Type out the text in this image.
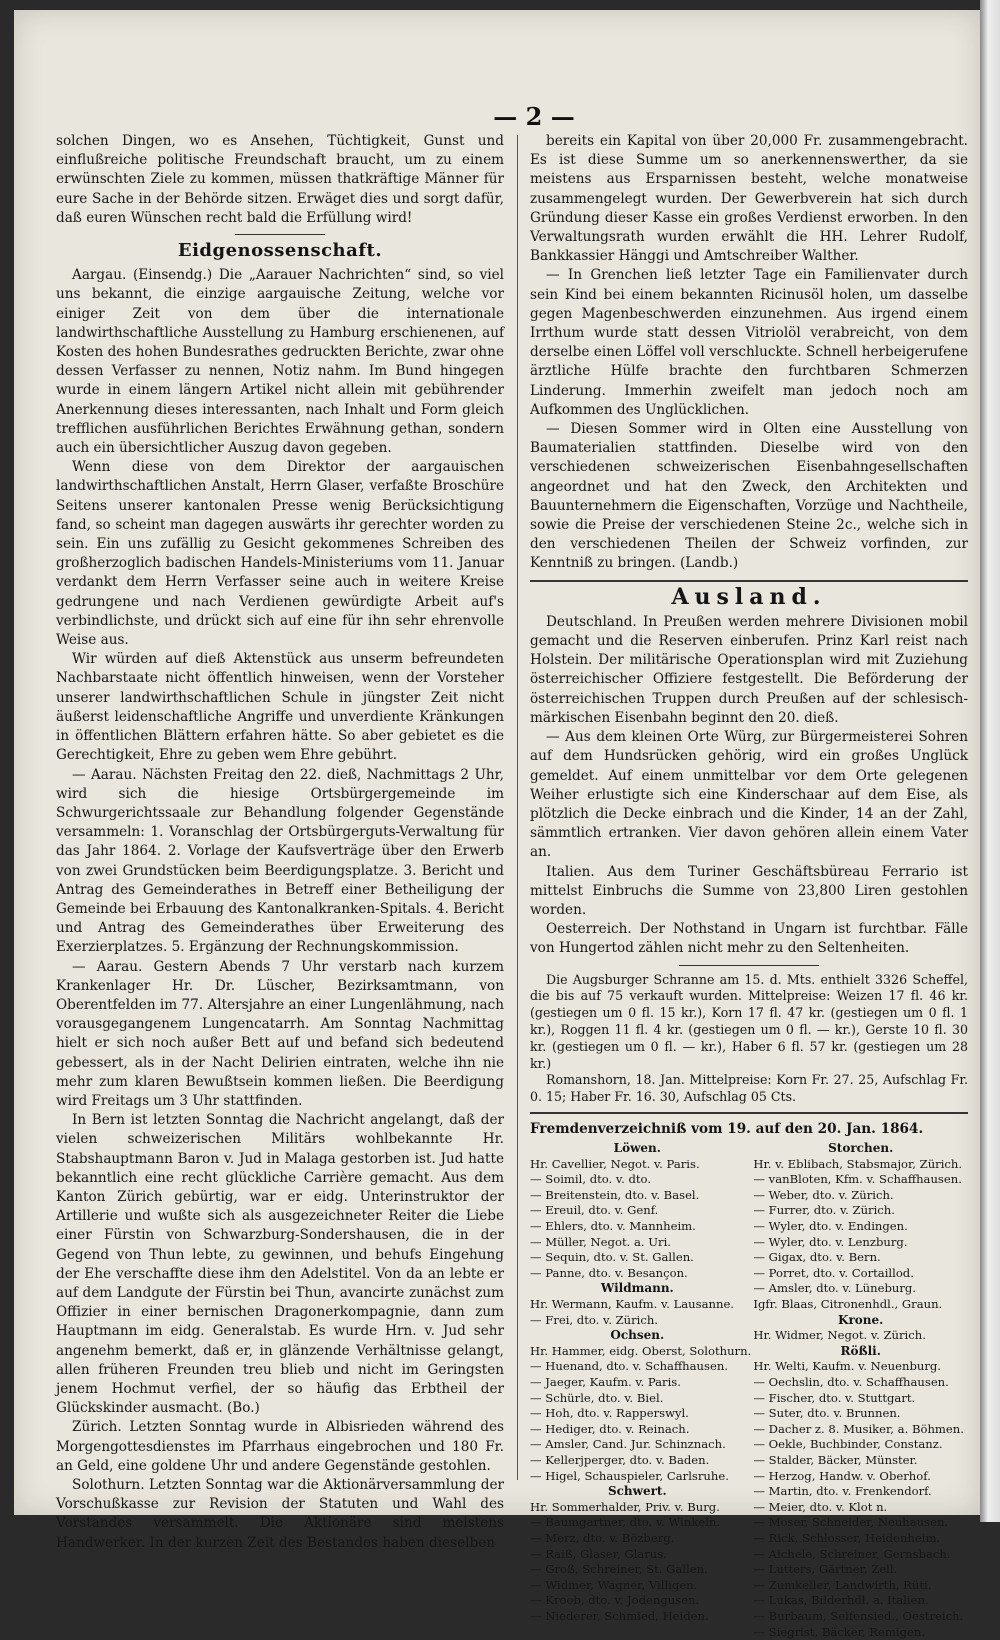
— 2 —

solchen Dingen, wo es Ansehen, Tüchtigkeit, Gunst und einflußreiche politische Freundschaft braucht, um zu einem erwünschten Ziele zu kommen, müssen thatkräftige Männer für eure Sache in der Behörde sitzen. Erwäget dies und sorgt dafür, daß euren Wünschen recht bald die Erfüllung wird!

Eidgenossenschaft.

Aargau. (Einsendg.) Die „Aarauer Nachrichten“ sind, so viel uns bekannt, die einzige aargauische Zeitung, welche vor einiger Zeit von dem über die internationale landwirthschaftliche Ausstellung zu Hamburg erschienenen, auf Kosten des hohen Bundesrathes gedruckten Berichte, zwar ohne dessen Verfasser zu nennen, Notiz nahm. Im Bund hingegen wurde in einem längern Artikel nicht allein mit gebührender Anerkennung dieses interessanten, nach Inhalt und Form gleich trefflichen ausführlichen Berichtes Erwähnung gethan, sondern auch ein übersichtlicher Auszug davon gegeben.

Wenn diese von dem Direktor der aargauischen landwirthschaftlichen Anstalt, Herrn Glaser, verfaßte Broschüre Seitens unserer kantonalen Presse wenig Berücksichtigung fand, so scheint man dagegen auswärts ihr gerechter worden zu sein. Ein uns zufällig zu Gesicht gekommenes Schreiben des großherzoglich badischen Handels-Ministeriums vom 11. Januar verdankt dem Herrn Verfasser seine auch in weitere Kreise gedrungene und nach Verdienen gewürdigte Arbeit auf's verbindlichste, und drückt sich auf eine für ihn sehr ehrenvolle Weise aus.

Wir würden auf dieß Aktenstück aus unserm befreundeten Nachbarstaate nicht öffentlich hinweisen, wenn der Vorsteher unserer landwirthschaftlichen Schule in jüngster Zeit nicht äußerst leidenschaftliche Angriffe und unverdiente Kränkungen in öffentlichen Blättern erfahren hätte. So aber gebietet es die Gerechtigkeit, Ehre zu geben wem Ehre gebührt.

— Aarau. Nächsten Freitag den 22. dieß, Nachmittags 2 Uhr, wird sich die hiesige Ortsbürgergemeinde im Schwurgerichtssaale zur Behandlung folgender Gegenstände versammeln: 1. Voranschlag der Ortsbürgerguts-Verwaltung für das Jahr 1864. 2. Vorlage der Kaufsverträge über den Erwerb von zwei Grundstücken beim Beerdigungsplatze. 3. Bericht und Antrag des Gemeinderathes in Betreff einer Betheiligung der Gemeinde bei Erbauung des Kantonalkranken-Spitals. 4. Bericht und Antrag des Gemeinderathes über Erweiterung des Exerzierplatzes. 5. Ergänzung der Rechnungskommission.

— Aarau. Gestern Abends 7 Uhr verstarb nach kurzem Krankenlager Hr. Dr. Lüscher, Bezirksamtmann, von Oberentfelden im 77. Altersjahre an einer Lungenlähmung, nach vorausgegangenem Lungencatarrh. Am Sonntag Nachmittag hielt er sich noch außer Bett auf und befand sich bedeutend gebessert, als in der Nacht Delirien eintraten, welche ihn nie mehr zum klaren Bewußtsein kommen ließen. Die Beerdigung wird Freitags um 3 Uhr stattfinden.

In Bern ist letzten Sonntag die Nachricht angelangt, daß der vielen schweizerischen Militärs wohlbekannte Hr. Stabshauptmann Baron v. Jud in Malaga gestorben ist. Jud hatte bekanntlich eine recht glückliche Carrière gemacht. Aus dem Kanton Zürich gebürtig, war er eidg. Unterinstruktor der Artillerie und wußte sich als ausgezeichneter Reiter die Liebe einer Fürstin von Schwarzburg-Sondershausen, die in der Gegend von Thun lebte, zu gewinnen, und behufs Eingehung der Ehe verschaffte diese ihm den Adelstitel. Von da an lebte er auf dem Landgute der Fürstin bei Thun, avancirte zunächst zum Offizier in einer bernischen Dragonerkompagnie, dann zum Hauptmann im eidg. Generalstab. Es wurde Hrn. v. Jud sehr angenehm bemerkt, daß er, in glänzende Verhältnisse gelangt, allen früheren Freunden treu blieb und nicht im Geringsten jenem Hochmut verfiel, der so häufig das Erbtheil der Glückskinder ausmacht. (Bo.)

Zürich. Letzten Sonntag wurde in Albisrieden während des Morgengottesdienstes im Pfarrhaus eingebrochen und 180 Fr. an Geld, eine goldene Uhr und andere Gegenstände gestohlen.

Solothurn. Letzten Sonntag war die Aktionärversammlung der Vorschußkasse zur Revision der Statuten und Wahl des Vorstandes versammelt. Die Aktionäre sind meistens Handwerker. In der kurzen Zeit des Bestandes haben dieselben

bereits ein Kapital von über 20,000 Fr. zusammengebracht. Es ist diese Summe um so anerkennenswerther, da sie meistens aus Ersparnissen besteht, welche monatweise zusammengelegt wurden. Der Gewerbverein hat sich durch Gründung dieser Kasse ein großes Verdienst erworben. In den Verwaltungsrath wurden erwählt die HH. Lehrer Rudolf, Bankkassier Hänggi und Amtschreiber Walther.

— In Grenchen ließ letzter Tage ein Familienvater durch sein Kind bei einem bekannten Ricinusöl holen, um dasselbe gegen Magenbeschwerden einzunehmen. Aus irgend einem Irrthum wurde statt dessen Vitriolöl verabreicht, von dem derselbe einen Löffel voll verschluckte. Schnell herbeigerufene ärztliche Hülfe brachte den furchtbaren Schmerzen Linderung. Immerhin zweifelt man jedoch noch am Aufkommen des Unglücklichen.

— Diesen Sommer wird in Olten eine Ausstellung von Baumaterialien stattfinden. Dieselbe wird von den verschiedenen schweizerischen Eisenbahngesellschaften angeordnet und hat den Zweck, den Architekten und Bauunternehmern die Eigenschaften, Vorzüge und Nachtheile, sowie die Preise der verschiedenen Steine 2c., welche sich in den verschiedenen Theilen der Schweiz vorfinden, zur Kenntniß zu bringen. (Landb.)

Ausland.

Deutschland. In Preußen werden mehrere Divisionen mobil gemacht und die Reserven einberufen. Prinz Karl reist nach Holstein. Der militärische Operationsplan wird mit Zuziehung österreichischer Offiziere festgestellt. Die Beförderung der österreichischen Truppen durch Preußen auf der schlesisch-märkischen Eisenbahn beginnt den 20. dieß.

— Aus dem kleinen Orte Würg, zur Bürgermeisterei Sohren auf dem Hundsrücken gehörig, wird ein großes Unglück gemeldet. Auf einem unmittelbar vor dem Orte gelegenen Weiher erlustigte sich eine Kinderschaar auf dem Eise, als plötzlich die Decke einbrach und die Kinder, 14 an der Zahl, sämmtlich ertranken. Vier davon gehören allein einem Vater an.

Italien. Aus dem Turiner Geschäftsbüreau Ferrario ist mittelst Einbruchs die Summe von 23,800 Liren gestohlen worden.

Oesterreich. Der Nothstand in Ungarn ist furchtbar. Fälle von Hungertod zählen nicht mehr zu den Seltenheiten.

Die Augsburger Schranne am 15. d. Mts. enthielt 3326 Scheffel, die bis auf 75 verkauft wurden. Mittelpreise: Weizen 17 fl. 46 kr. (gestiegen um 0 fl. 15 kr.), Korn 17 fl. 47 kr. (gestiegen um 0 fl. 1 kr.), Roggen 11 fl. 4 kr. (gestiegen um 0 fl. — kr.), Gerste 10 fl. 30 kr. (gestiegen um 0 fl. — kr.), Haber 6 fl. 57 kr. (gestiegen um 28 kr.)

Romanshorn, 18. Jan. Mittelpreise: Korn Fr. 27. 25, Aufschlag Fr. 0. 15; Haber Fr. 16. 30, Aufschlag 05 Cts.

Fremdenverzeichniß vom 19. auf den 20. Jan. 1864.
Löwen.
Hr. Cavellier, Negot. v. Paris.
— Soimil, dto. v. dto.
— Breitenstein, dto. v. Basel.
— Ereuil, dto. v. Genf.
— Ehlers, dto. v. Mannheim.
— Müller, Negot. a. Uri.
— Sequin, dto. v. St. Gallen.
— Panne, dto. v. Besançon.
Wildmann.
Hr. Wermann, Kaufm. v. Lausanne.
— Frei, dto. v. Zürich.
Ochsen.
Hr. Hammer, eidg. Oberst, Solothurn.
— Huenand, dto. v. Schaffhausen.
— Jaeger, Kaufm. v. Paris.
— Schürle, dto. v. Biel.
— Hoh, dto. v. Rapperswyl.
— Hediger, dto. v. Reinach.
— Amsler, Cand. Jur. Schinznach.
— Kellerjperger, dto. v. Baden.
— Higel, Schauspieler, Carlsruhe.
Schwert.
Hr. Sommerhalder, Priv. v. Burg.
— Baumgartner, dto. v. Winkeln.
— Merz, dto. v. Bözberg.
— Raiß, Glaser, Glarus.
— Groß, Schreiner, St. Gallen.
— Widmer, Wagner, Villigen.
— Kroob, dto. v. Jodengusen.
— Niederer, Schmied, Heiden.
Storchen.
Hr. v. Eblibach, Stabsmajor, Zürich.
— vanBloten, Kfm. v. Schaffhausen.
— Weber, dto. v. Zürich.
— Furrer, dto. v. Zürich.
— Wyler, dto. v. Endingen.
— Wyler, dto. v. Lenzburg.
— Gigax, dto. v. Bern.
— Porret, dto. v. Cortaillod.
— Amsler, dto. v. Lüneburg.
Igfr. Blaas, Citronenhdl., Graun.
Krone.
Hr. Widmer, Negot. v. Zürich.
Rößli.
Hr. Welti, Kaufm. v. Neuenburg.
— Oechslin, dto. v. Schaffhausen.
— Fischer, dto. v. Stuttgart.
— Suter, dto. v. Brunnen.
— Dacher z. 8. Musiker, a. Böhmen.
— Oekle, Buchbinder, Constanz.
— Stalder, Bäcker, Münster.
— Herzog, Handw. v. Oberhof.
— Martin, dto. v. Frenkendorf.
— Meier, dto. v. Klot n.
— Moser, Schneider, Neuhausen.
— Rick, Schlosser, Heidenheim.
— Aichele, Schreiner, Gernsbach.
— Lutters, Gärtner, Zell.
— Zumkeller, Landwirth, Rüti.
— Lukas, Bilderhdl. a. Italien.
— Burbaum, Seifensied., Oestreich.
— Siegrist, Bäcker, Remigen.
